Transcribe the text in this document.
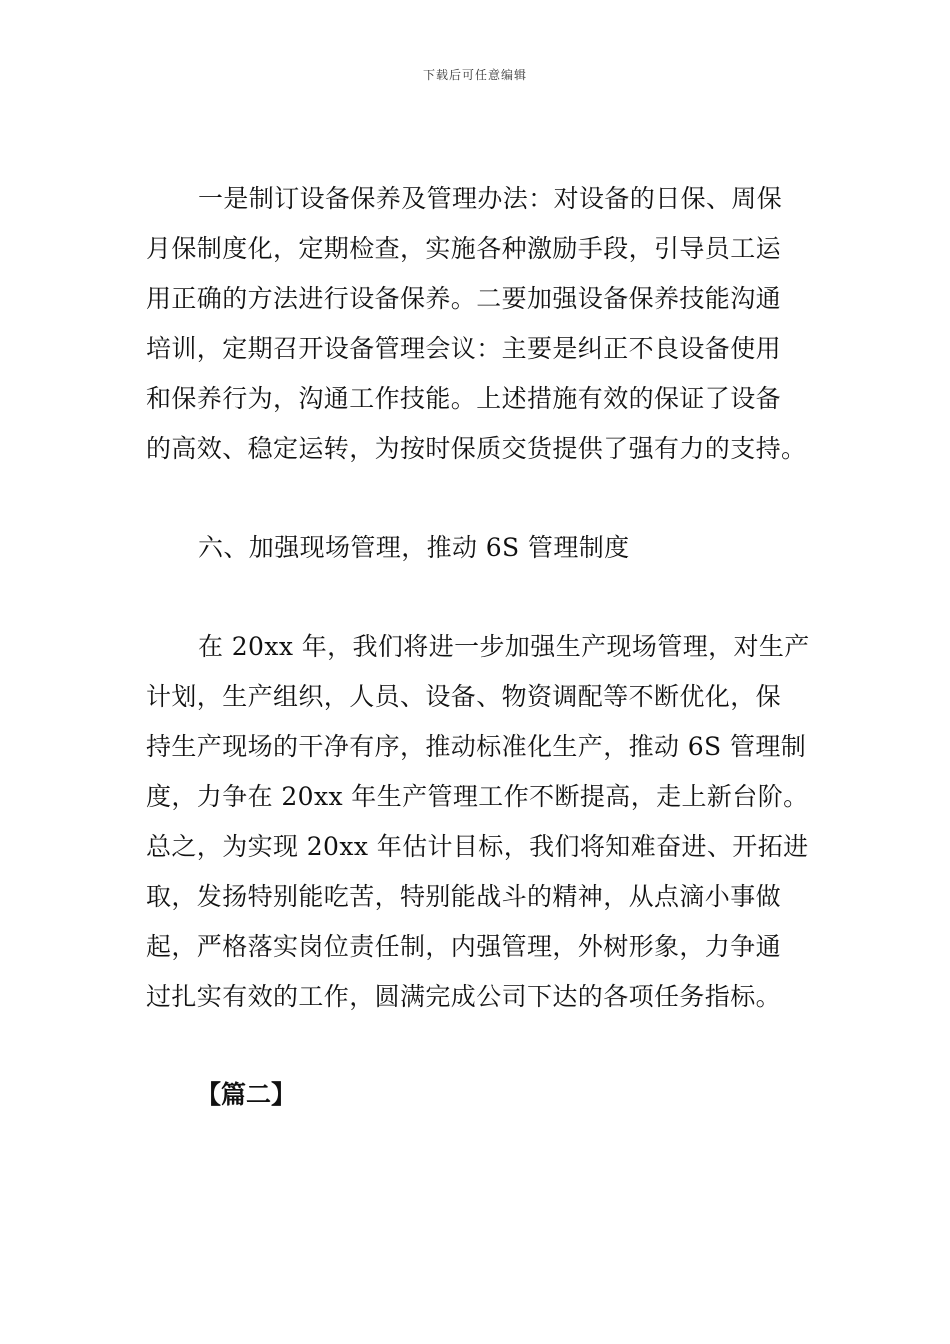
下载后可任意编辑
一是制订设备保养及管理办法：对设备的日保、周保
月保制度化，定期检查，实施各种激励手段，引导员工运
用正确的方法进行设备保养。二要加强设备保养技能沟通
培训，定期召开设备管理会议：主要是纠正不良设备使用
和保养行为，沟通工作技能。上述措施有效的保证了设备
的高效、稳定运转，为按时保质交货提供了强有力的支持。
六、加强现场管理，推动 6S 管理制度
在 20xx 年，我们将进一步加强生产现场管理，对生产
计划，生产组织，人员、设备、物资调配等不断优化，保
持生产现场的干净有序，推动标准化生产，推动 6S 管理制
度，力争在 20xx 年生产管理工作不断提高，走上新台阶。
总之，为实现 20xx 年估计目标，我们将知难奋进、开拓进
取，发扬特别能吃苦，特别能战斗的精神，从点滴小事做
起，严格落实岗位责任制，内强管理，外树形象，力争通
过扎实有效的工作，圆满完成公司下达的各项任务指标。
【篇二】
